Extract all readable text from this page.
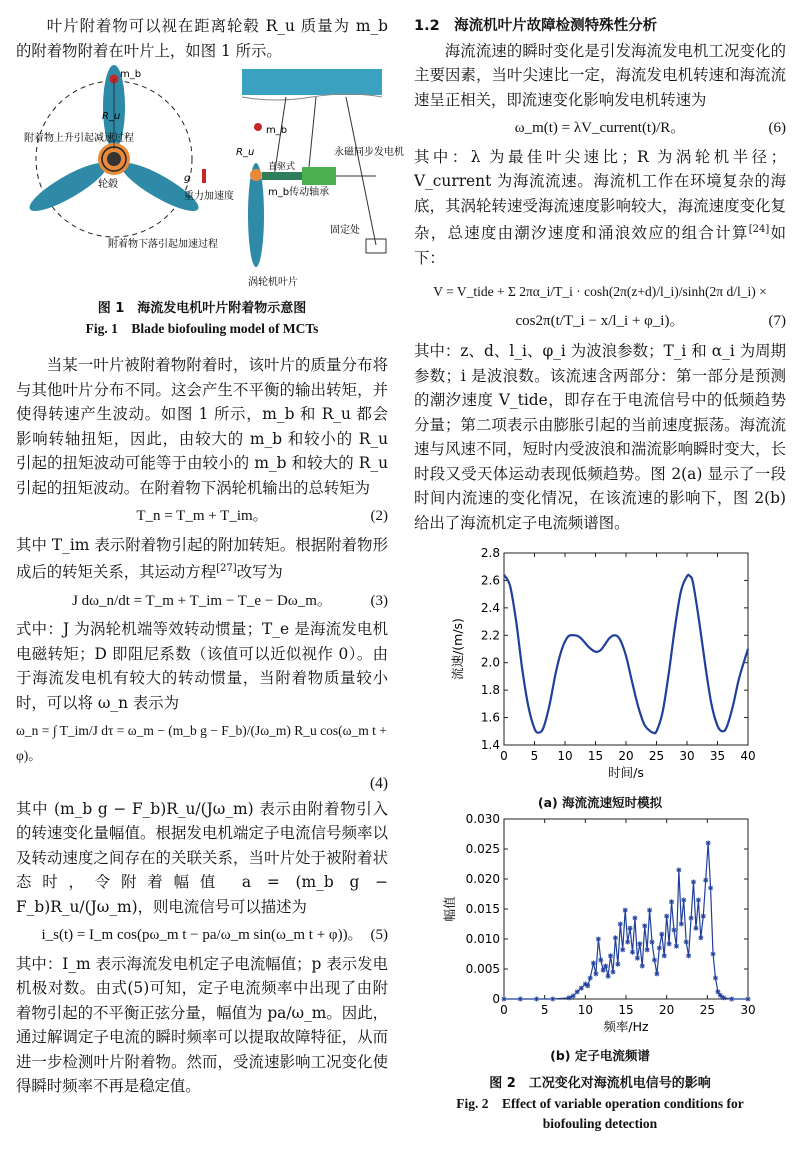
叶片附着物可以视在距离轮毂 R_u 质量为 m_b 的附着物附着在叶片上，如图 1 所示。

m_b
R_u
附着物上升引起减速过程
轮毂
g
重力加速度
附着物下落引起加速过程
m_b
R_u	永磁同步发电机
直驱式
m_b传动轴承
固定处
涡轮机叶片
图 1　海流发电机叶片附着物示意图
Fig. 1　Blade biofouling model of MCTs

当某一叶片被附着物附着时，该叶片的质量分布将与其他叶片分布不同。这会产生不平衡的输出转矩，并使得转速产生波动。如图 1 所示，m_b 和 R_u 都会影响转轴扭矩，因此，由较大的 m_b 和较小的 R_u 引起的扭矩波动可能等于由较小的 m_b 和较大的 R_u 引起的扭矩波动。在附着物下涡轮机输出的总转矩为

T_n = T_m + T_im。	(2)

其中 T_im 表示附着物引起的附加转矩。根据附着物形成后的转矩关系，其运动方程[27]改写为

J dω_n/dt = T_m + T_im − T_e − Dω_m。	(3)

式中：J 为涡轮机端等效转动惯量；T_e 是海流发电机电磁转矩；D 即阻尼系数（该值可以近似视作 0）。由于海流发电机有较大的转动惯量，当附着物质量较小时，可以将 ω_n 表示为

ω_n = ∫ T_im/J dτ = ω_m − (m_b g − F_b)/(Jω_m) R_u cos(ω_m t + φ)。
(4)

其中 (m_b g − F_b)R_u/(Jω_m) 表示由附着物引入的转速变化量幅值。根据发电机端定子电流信号频率以及转动速度之间存在的关联关系，当叶片处于被附着状态时，令附着幅值 a = (m_b g − F_b)R_u/(Jω_m)，则电流信号可以描述为

i_s(t) = I_m cos(pω_m t − pa/ω_m sin(ω_m t + φ))。 (5)

其中：I_m 表示海流发电机定子电流幅值；p 表示发电机极对数。由式(5)可知，定子电流频率中出现了由附着物引起的不平衡正弦分量，幅值为 pa/ω_m。因此，通过解调定子电流的瞬时频率可以提取故障特征，从而进一步检测叶片附着物。然而，受流速影响工况变化使得瞬时频率不再是稳定值。

1.2　海流机叶片故障检测特殊性分析

海流流速的瞬时变化是引发海流发电机工况变化的主要因素，当叶尖速比一定，海流发电机转速和海流流速呈正相关，即流速变化影响发电机转速为

ω_m(t) = λV_current(t)/R。	(6)

其中：λ 为最佳叶尖速比；R 为涡轮机半径；V_current 为海流流速。海流机工作在环境复杂的海底，其涡轮转速受海流速度影响较大，海流速度变化复杂，总速度由潮汐速度和涌浪效应的组合计算[24]如下：

V = V_tide + Σ 2πα_i/T_i · cosh(2π(z+d)/l_i)/sinh(2π d/l_i) ×
cos2π(t/T_i − x/l_i + φ_i)。	(7)

其中：z、d、l_i、φ_i 为波浪参数；T_i 和 α_i 为周期参数；i 是波浪数。该流速含两部分：第一部分是预测的潮汐速度 V_tide，即存在于电流信号中的低频趋势分量；第二项表示由膨胀引起的当前速度振荡。海流流速与风速不同，短时内受波浪和湍流影响瞬时变大，长时段又受天体运动表现低频趋势。图 2(a) 显示了一段时间内流速的变化情况，在该流速的影响下，图 2(b) 给出了海流机定子电流频谱图。

0 5 10 15 20 25 30 35 40
1.4
1.6
1.8
2.0
2.2
2.4
2.6
2.8
时间/s
流速/(m/s)
(a) 海流流速短时模拟
0	5 10 15 20 25 30
0
0.005
0.010
0.015
0.020
0.025
0.030
频率/Hz
幅值
(b) 定子电流频谱
图 2　工况变化对海流机电信号的影响
Fig. 2　Effect of variable operation conditions for
biofouling detection
